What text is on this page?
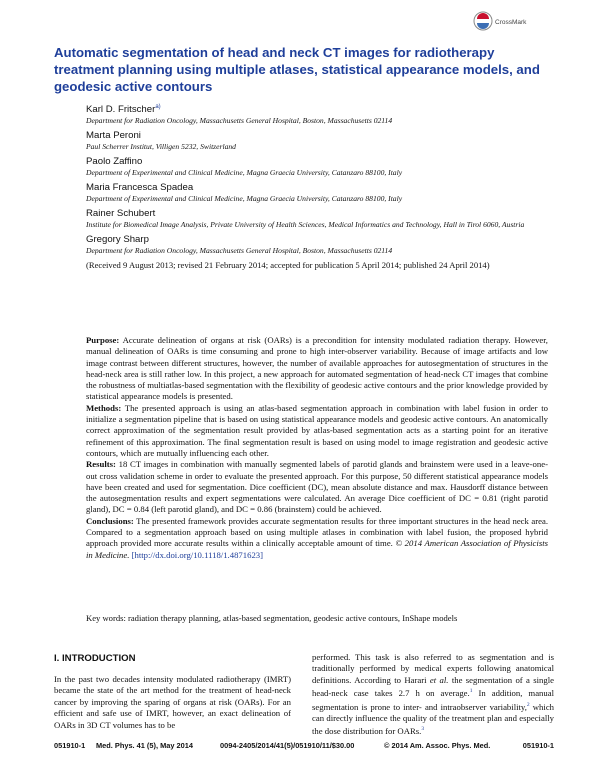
CrossMark
Automatic segmentation of head and neck CT images for radiotherapy treatment planning using multiple atlases, statistical appearance models, and geodesic active contours
Karl D. Fritscher$^{a)}$
Department for Radiation Oncology, Massachusetts General Hospital, Boston, Massachusetts 02114
Marta Peroni
Paul Scherrer Institut, Villigen 5232, Switzerland
Paolo Zaffino
Department of Experimental and Clinical Medicine, Magna Graecia University, Catanzaro 88100, Italy
Maria Francesca Spadea
Department of Experimental and Clinical Medicine, Magna Graecia University, Catanzaro 88100, Italy
Rainer Schubert
Institute for Biomedical Image Analysis, Private University of Health Sciences, Medical Informatics and Technology, Hall in Tirol 6060, Austria
Gregory Sharp
Department for Radiation Oncology, Massachusetts General Hospital, Boston, Massachusetts 02114
(Received 9 August 2013; revised 21 February 2014; accepted for publication 5 April 2014; published 24 April 2014)

Purpose: Accurate delineation of organs at risk (OARs) is a precondition for intensity modulated radiation therapy. However, manual delineation of OARs is time consuming and prone to high inter-observer variability. Because of image artifacts and low image contrast between different structures, however, the number of available approaches for autosegmentation of structures in the head-neck area is still rather low. In this project, a new approach for automated segmentation of head-neck CT images that combine the robustness of multiatlas-based segmentation with the flexibility of geodesic active contours and the prior knowledge provided by statistical appearance models is presented.

Methods: The presented approach is using an atlas-based segmentation approach in combination with label fusion in order to initialize a segmentation pipeline that is based on using statistical appearance models and geodesic active contours. An anatomically correct approximation of the segmentation result provided by atlas-based segmentation acts as a starting point for an iterative refinement of this approximation. The final segmentation result is based on using model to image registration and geodesic active contours, which are mutually influencing each other.

Results: 18 CT images in combination with manually segmented labels of parotid glands and brainstem were used in a leave-one-out cross validation scheme in order to evaluate the presented approach. For this purpose, 50 different statistical appearance models have been created and used for segmentation. Dice coefficient (DC), mean absolute distance and max. Hausdorff distance between the autosegmentation results and expert segmentations were calculated. An average Dice coefficient of DC = 0.81 (right parotid gland), DC = 0.84 (left parotid gland), and DC = 0.86 (brainstem) could be achieved.

Conclusions: The presented framework provides accurate segmentation results for three important structures in the head neck area. Compared to a segmentation approach based on using multiple atlases in combination with label fusion, the proposed hybrid approach provided more accurate results within a clinically acceptable amount of time. © 2014 American Association of Physicists in Medicine. [http://dx.doi.org/10.1118/1.4871623]

Key words: radiation therapy planning, atlas-based segmentation, geodesic active contours, InShape models
I. INTRODUCTION
In the past two decades intensity modulated radiotherapy (IMRT) became the state of the art method for the treatment of head-neck cancer by improving the sparing of organs at risk (OARs). For an efficient and safe use of IMRT, however, an exact delineation of OARs in 3D CT volumes has to be
performed. This task is also referred to as segmentation and is traditionally performed by medical experts following anatomical definitions. According to Harari et al. the segmentation of a single head-neck case takes 2.7 h on average.$^1$ In addition, manual segmentation is prone to inter- and intraobserver variability,$^2$ which can directly influence the quality of the treatment plan and especially the dose distribution for OARs.$^3$
051910-1 Med. Phys. 41 (5), May 2014	0094-2405/2014/41(5)/051910/11/$30.00	© 2014 Am. Assoc. Phys. Med.	051910-1
